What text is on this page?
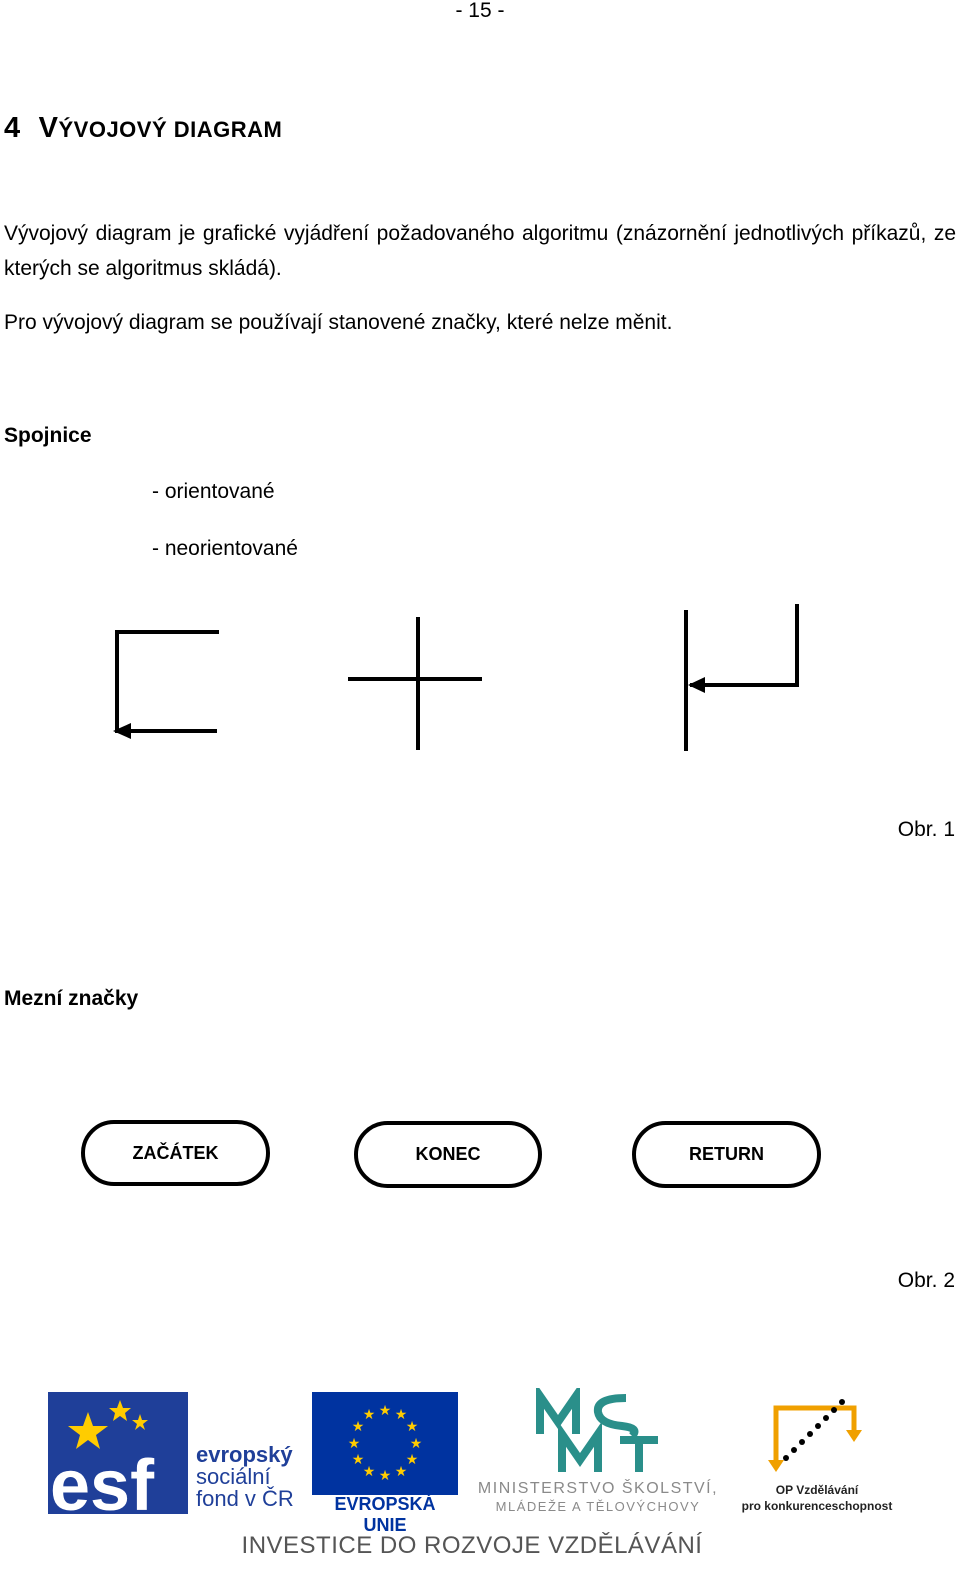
- 15 -
4 VÝVOJOVÝ DIAGRAM
Vývojový diagram je grafické vyjádření požadovaného algoritmu (znázornění jednotlivých příkazů, ze kterých se algoritmus skládá).
Pro vývojový diagram se používají stanovené značky, které nelze měnit.
Spojnice
- orientované
- neorientované
Obr. 1
Mezní značky
ZAČÁTEK	KONEC	RETURN
Obr. 2
esf evropský
sociální
fond v ČR
★ ★
★
★
★
★
★
★
★
★
★
★
EVROPSKÁ UNIE
MINISTERSTVO ŠKOLSTVÍ,
MLÁDEŽE A TĚLOVÝCHOVY
OP Vzdělávání
pro konkurenceschopnost
INVESTICE DO ROZVOJE VZDĚLÁVÁNÍ
